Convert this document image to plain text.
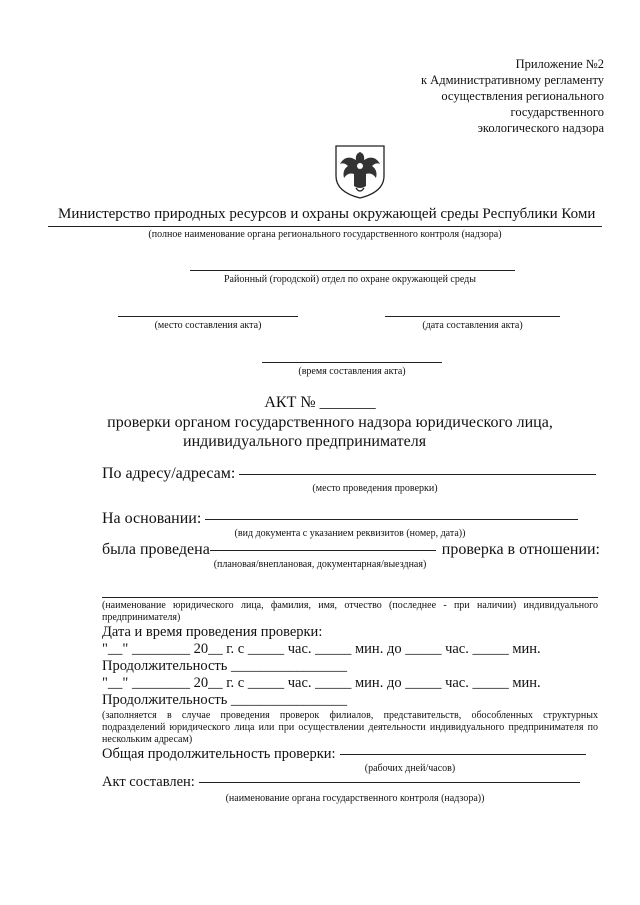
Приложение №2
к Административному регламенту
осуществления регионального
государственного
экологического надзора
Министерство природных ресурсов и охраны окружающей среды Республики Коми
(полное наименование органа регионального государственного контроля (надзора)
Районный (городской) отдел по охране окружающей среды
(место составления акта)	(дата составления акта)
(время составления акта)
АКТ № _______
проверки органом государственного надзора юридического лица,
индивидуального предпринимателя
По адресу/адресам:
(место проведения проверки)
На основании:
(вид документа с указанием реквизитов (номер, дата))
была проведена	проверка в отношении:
(плановая/внеплановая, документарная/выездная)
(наименование юридического лица, фамилия, имя, отчество (последнее - при наличии) индивидуального предпринимателя)
Дата и время проведения проверки:
"__" ________ 20__ г. с _____ час. _____ мин. до _____ час. _____ мин.
Продолжительность ________________
"__" ________ 20__ г. с _____ час. _____ мин. до _____ час. _____ мин.
Продолжительность ________________
(заполняется в случае проведения проверок филиалов, представительств, обособленных структурных подразделений юридического лица или при осуществлении деятельности индивидуального предпринимателя по нескольким адресам)
Общая продолжительность проверки:
(рабочих дней/часов)
Акт составлен:
(наименование органа государственного контроля (надзора))
